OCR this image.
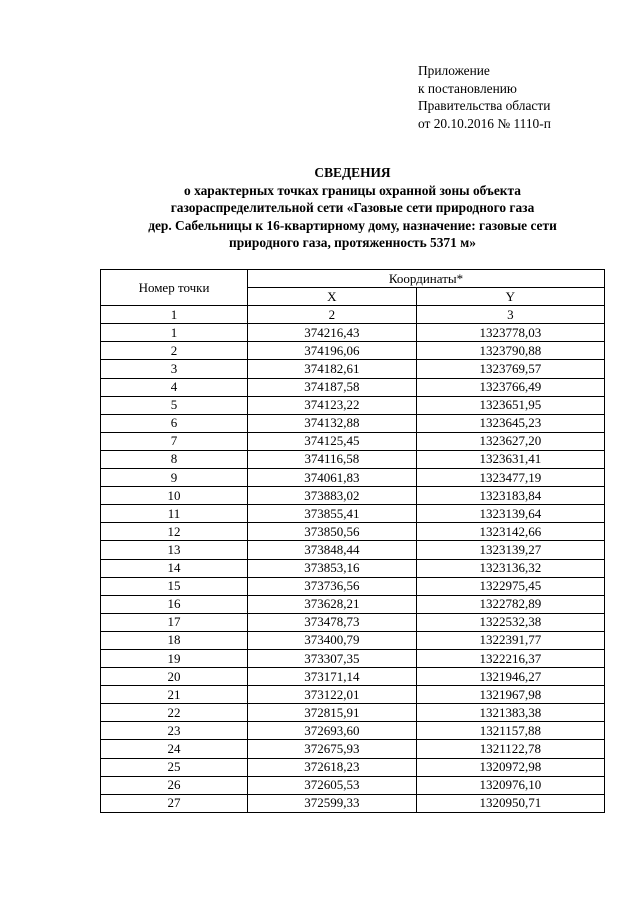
Приложение
к постановлению
Правительства области
от 20.10.2016 № 1110-п
СВЕДЕНИЯ
о характерных точках границы охранной зоны объекта
газораспределительной сети «Газовые сети природного газа
дер. Сабельницы к 16-квартирному дому, назначение: газовые сети
природного газа, протяженность 5371 м»
Номер точки	Координаты*	
	X	Y
1	2	3
1	374216,43	1323778,03
2	374196,06	1323790,88
3	374182,61	1323769,57
4	374187,58	1323766,49
5	374123,22	1323651,95
6	374132,88	1323645,23
7	374125,45	1323627,20
8	374116,58	1323631,41
9	374061,83	1323477,19
10	373883,02	1323183,84
11	373855,41	1323139,64
12	373850,56	1323142,66
13	373848,44	1323139,27
14	373853,16	1323136,32
15	373736,56	1322975,45
16	373628,21	1322782,89
17	373478,73	1322532,38
18	373400,79	1322391,77
19	373307,35	1322216,37
20	373171,14	1321946,27
21	373122,01	1321967,98
22	372815,91	1321383,38
23	372693,60	1321157,88
24	372675,93	1321122,78
25	372618,23	1320972,98
26	372605,53	1320976,10
27	372599,33	1320950,71
